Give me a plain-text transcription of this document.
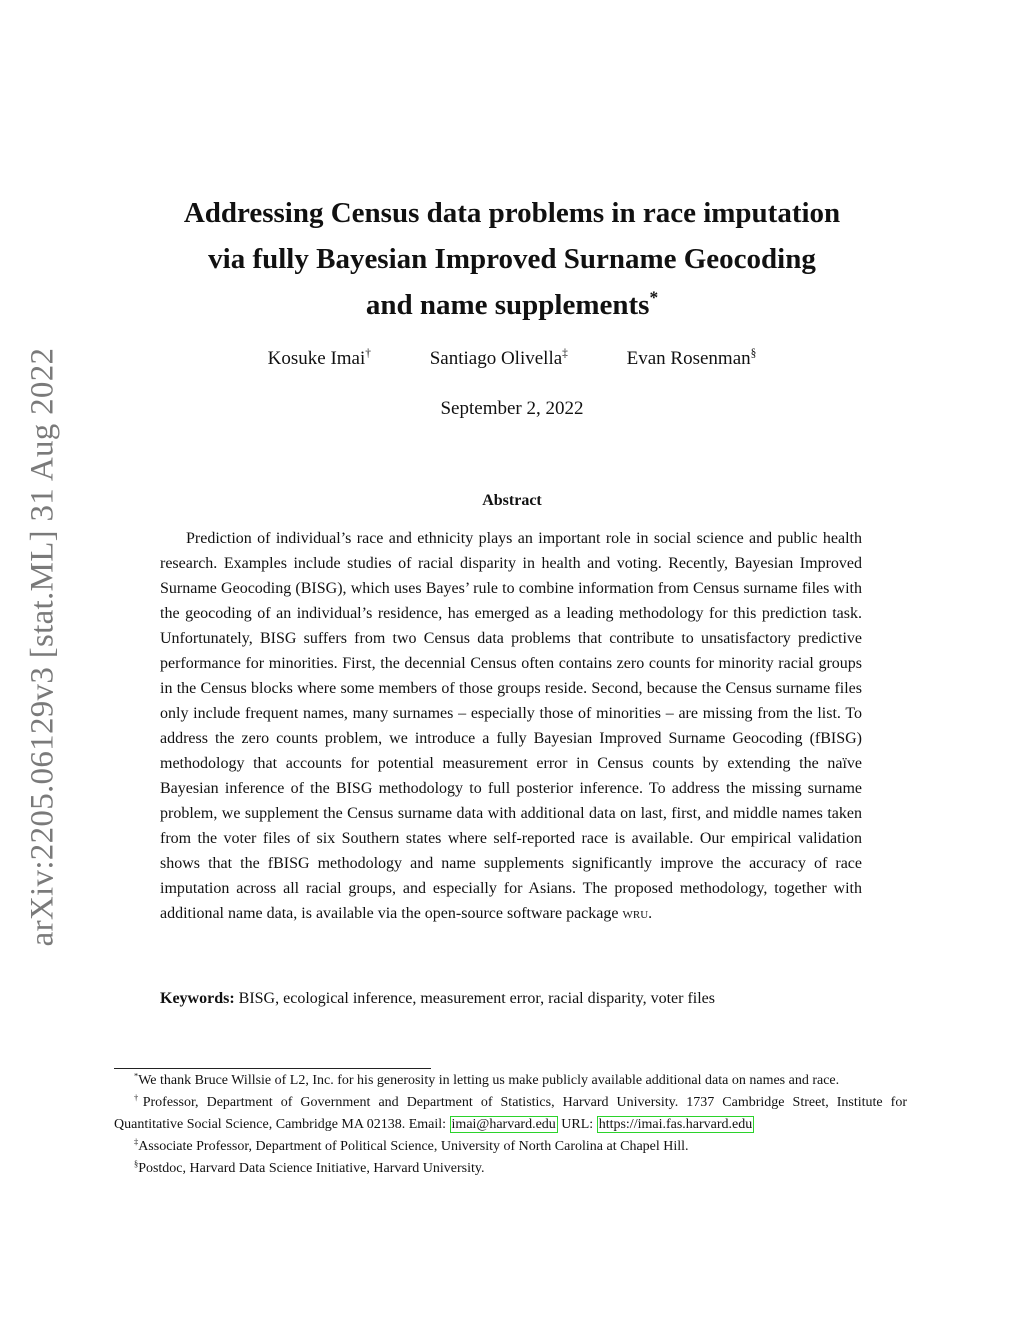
arXiv:2205.06129v3 [stat.ML] 31 Aug 2022
Addressing Census data problems in race imputation
via fully Bayesian Improved Surname Geocoding
and name supplements*
Kosuke Imai†	Santiago Olivella‡	Evan Rosenman§
September 2, 2022
Abstract

Prediction of individual’s race and ethnicity plays an important role in social science and public health research. Examples include studies of racial disparity in health and voting. Recently, Bayesian Improved Surname Geocoding (BISG), which uses Bayes’ rule to combine information from Census surname files with the geocoding of an individual’s residence, has emerged as a leading methodology for this prediction task. Unfortunately, BISG suffers from two Census data problems that contribute to unsatisfactory predictive performance for minorities. First, the decennial Census often contains zero counts for minority racial groups in the Census blocks where some members of those groups reside. Second, because the Census surname files only include frequent names, many surnames – especially those of minorities – are missing from the list. To address the zero counts problem, we introduce a fully Bayesian Improved Surname Geocoding (fBISG) methodology that accounts for potential measurement error in Census counts by extending the naïve Bayesian inference of the BISG methodology to full posterior inference. To address the missing surname problem, we supplement the Census surname data with additional data on last, first, and middle names taken from the voter files of six Southern states where self-reported race is available. Our empirical validation shows that the fBISG methodology and name supplements significantly improve the accuracy of race imputation across all racial groups, and especially for Asians. The proposed methodology, together with additional name data, is available via the open-source software package wru.

Keywords: BISG, ecological inference, measurement error, racial disparity, voter files

*We thank Bruce Willsie of L2, Inc. for his generosity in letting us make publicly available additional data on names and race.

†Professor, Department of Government and Department of Statistics, Harvard University. 1737 Cambridge Street, Institute for Quantitative Social Science, Cambridge MA 02138. Email: imai@harvard.edu URL: https://imai.fas.harvard.edu

‡Associate Professor, Department of Political Science, University of North Carolina at Chapel Hill.

§Postdoc, Harvard Data Science Initiative, Harvard University.
